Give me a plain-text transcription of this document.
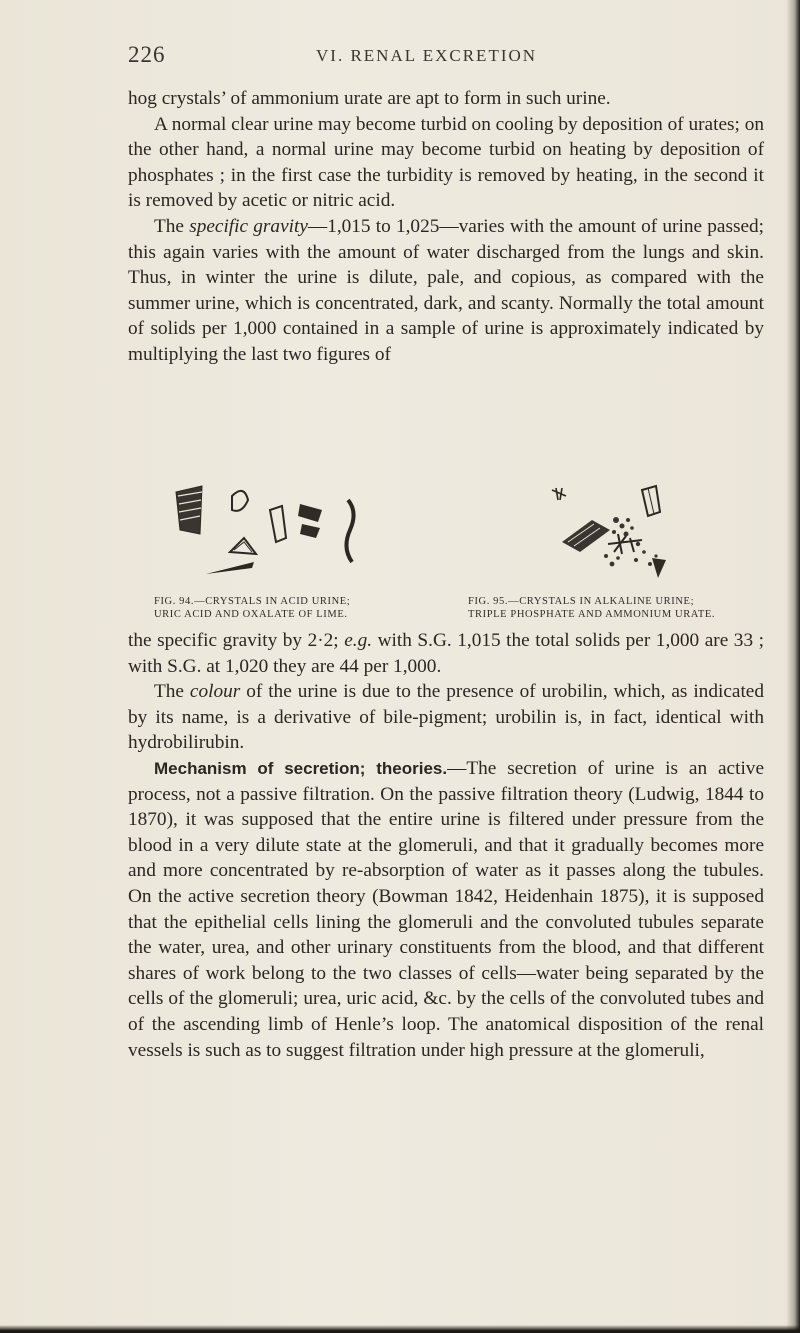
226	VI. RENAL EXCRETION

hog crystals’ of ammonium urate are apt to form in such urine.

A normal clear urine may become turbid on cooling by deposition of urates; on the other hand, a normal urine may become turbid on heating by deposition of phosphates ; in the first case the turbidity is removed by heating, in the second it is removed by acetic or nitric acid.

The specific gravity—1,015 to 1,025—varies with the amount of urine passed; this again varies with the amount of water discharged from the lungs and skin. Thus, in winter the urine is dilute, pale, and copious, as compared with the summer urine, which is concentrated, dark, and scanty. Normally the total amount of solids per 1,000 contained in a sample of urine is approximately indicated by multiplying the last two figures of

FIG. 94.—CRYSTALS IN ACID URINE;
URIC ACID AND OXALATE OF LIME.
FIG. 95.—CRYSTALS IN ALKALINE URINE;
TRIPLE PHOSPHATE AND AMMONIUM URATE.

the specific gravity by 2·2; e.g. with S.G. 1,015 the total solids per 1,000 are 33 ; with S.G. at 1,020 they are 44 per 1,000.

The colour of the urine is due to the presence of urobilin, which, as indicated by its name, is a derivative of bile-pigment; urobilin is, in fact, identical with hydrobilirubin.

Mechanism of secretion; theories.—The secretion of urine is an active process, not a passive filtration. On the passive filtration theory (Ludwig, 1844 to 1870), it was supposed that the entire urine is filtered under pressure from the blood in a very dilute state at the glomeruli, and that it gradually becomes more and more concentrated by re-absorption of water as it passes along the tubules. On the active secretion theory (Bowman 1842, Heidenhain 1875), it is supposed that the epithelial cells lining the glomeruli and the convoluted tubules separate the water, urea, and other urinary constituents from the blood, and that different shares of work belong to the two classes of cells—water being separated by the cells of the glomeruli; urea, uric acid, &c. by the cells of the convoluted tubes and of the ascending limb of Henle’s loop. The anatomical disposition of the renal vessels is such as to suggest filtration under high pressure at the glomeruli,
